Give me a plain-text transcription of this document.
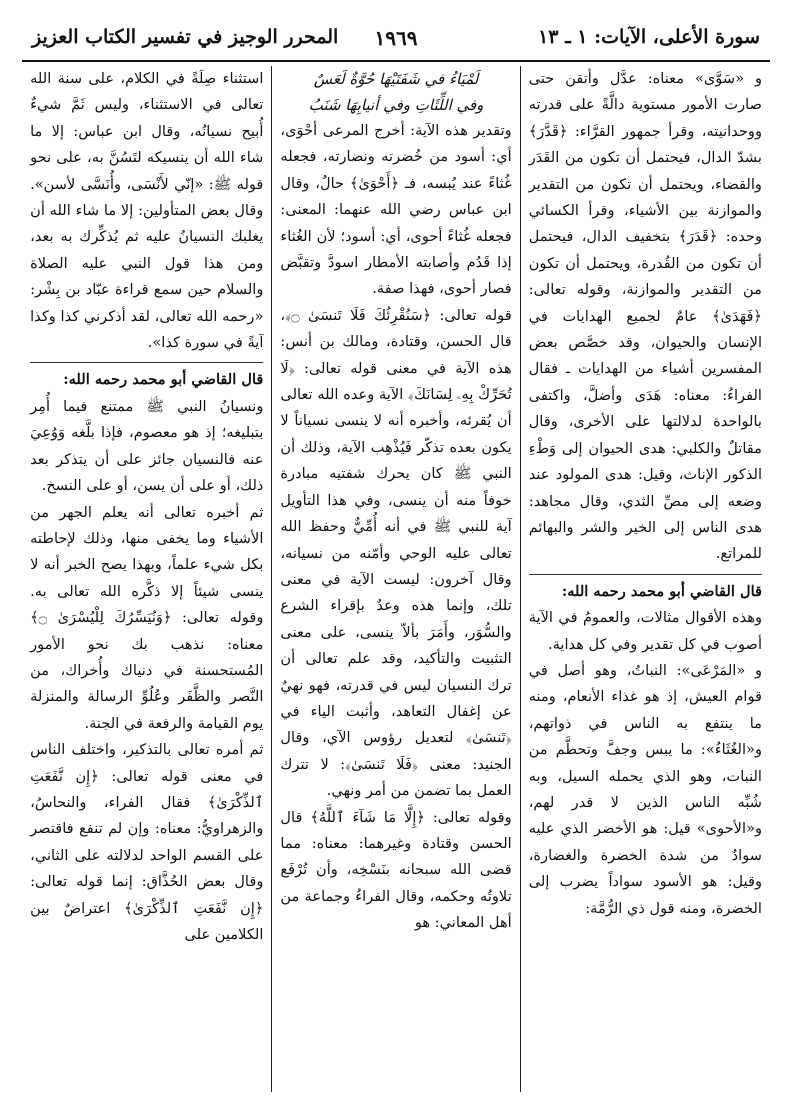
سورة الأعلى، الآيات: ١ ـ ١٣
١٩٦٩
المحرر الوجيز في تفسير الكتاب العزيز

و «سَوَّى» معناه: عدَّل وأتقن حتى صارت الأمور مستوية دالَّةً على قدرته ووحدانيته، وقرأ جمهور القرَّاء: ﴿قَدَّرَ﴾ بشدّ الدال، فيحتمل أن تكون من القَدَر والقضاء، ويحتمل أن تكون من التقدير والموازنة بين الأشياء، وقرأ الكسائي وحده: ﴿قَدَرَ﴾ بتخفيف الدال، فيحتمل أن تكون من القُدرة، ويحتمل أن تكون من التقدير والموازنة، وقوله تعالى: ﴿فَهَدَىٰ﴾ عامٌ لجميع الهدايات في الإنسان والحيوان، وقد خصَّص بعض المفسرين أشياء من الهدايات ـ فقال الفراءُ: معناه: هَدَى وأضلَّ، واكتفى بالواحدة لدلالتها على الأخرى، وقال مقاتلٌ والكلبي: هدى الحيوان إلى وَطْءِ الذكور الإناث، وقيل: هدى المولود عند وضعه إلى مصِّ الثدي، وقال مجاهد: هدى الناس إلى الخير والشر والبهائم للمراتع.

قال القاضي أبو محمد رحمه الله:

وهذه الأقوال مثالات، والعمومُ في الآية أصوب في كل تقدير وفي كل هداية.

و «المَرْعَى»: النباتُ، وهو أصل في قوام العيش، إذ هو غذاء الأنعام، ومنه ما ينتفع به الناس في ذواتهم، و«الغُثَاءُ»: ما يبس وجفَّ وتحطَّم من النبات، وهو الذي يحمله السيل، وبه شُبِّه الناس الذين لا قدر لهم، و«الأحوى» قيل: هو الأخضر الذي عليه سوادٌ من شدة الخضرة والغضارة، وقيل: هو الأسود سواداً يضرب إلى الخضرة، ومنه قول ذي الرُّمَّة:

لَمْيَاءُ في شَفَتَيْهَا حُوَّةٌ لَعَسٌ
وفي اللِّثَاتِ وفي أنيابِهَا شَنَبُ

وتقدير هذه الآية: أخرج المرعى أحْوَى، أي: أسود من خُضرته ونضارته، فجعله غُثاءً عند يُبسه، فـ ﴿أَحْوَىٰ﴾ حالٌ، وقال ابن عباس رضي الله عنهما: المعنى: فجعله غُثاءً أحوى، أي: أسود؛ لأن الغُثاء إذا قَدُم وأصابته الأمطار اسودَّ وتقبَّض فصار أحوى، فهذا صفة.

قوله تعالى: ﴿سَنُقْرِئُكَ فَلَا تَنسَىٰ ۝﴾، قال الحسن، وقتادة، ومالك بن أنس: هذه الآية في معنى قوله تعالى: ﴿لَا تُحَرِّكْ بِهِۦ لِسَانَكَ﴾ الآية وعده الله تعالى أن يُقرئه، وأخبره أنه لا ينسى نسياناً لا يكون بعده تذكّر فَيُذْهِب الآية، وذلك أن النبي ﷺ كان يحرك شفتيه مبادرة خوفاً منه أن ينسى، وفي هذا التأويل آية للنبي ﷺ في أنه أُمِّيٌّ وحفظ الله تعالى عليه الوحي وأمّنه من نسيانه، وقال آخرون: ليست الآية في معنى تلك، وإنما هذه وعدٌ بإقراء الشرع والسُّوَر، وأَمَرَ بألاّ ينسى، على معنى التثبيت والتأكيد، وقد علم تعالى أن ترك النسيان ليس في قدرته، فهو نهيٌ عن إغفال التعاهد، وأثبت الياء في ﴿تَنسَىٰ﴾ لتعديل رؤوس الآي، وقال الجنيد: معنى ﴿فَلَا تَنسَىٰ﴾: لا تترك العمل بما تضمن من أمر ونهي.

وقوله تعالى: ﴿إِلَّا مَا شَآءَ ٱللَّهُ﴾ قال الحسن وقتادة وغيرهما: معناه: مما قضى الله سبحانه بنَسْخِه، وأن تُرْفَع تلاوتُه وحكمه، وقال الفراءُ وجماعة من أهل المعاني: هو

استثناء صِلَةً في الكلام، على سنة الله تعالى في الاستثناء، وليس ثَمَّ شيءٌ أُبيح نسيانُه، وقال ابن عباس: إلا ما شاء الله أن ينسيكه لتَسُنَّ به، على نحو قوله ﷺ: «إنّي لأَنْسَى، وأُنَسَّى لأسن». وقال بعض المتأولين: إلا ما شاء الله أن يغلبك النسيانُ عليه ثم يُذكِّرك به بعد، ومن هذا قول النبي عليه الصلاة والسلام حين سمع قراءة عبّاد بن بِشْر: «رحمه الله تعالى، لقد أذكرني كذا وكذا آيةً في سورة كذا».

قال القاضي أبو محمد رحمه الله:

ونسيانُ النبي ﷺ ممتنع فيما أُمِر بتبليغه؛ إذ هو معصوم، فإذا بلَّغه وَوُعِيَ عنه فالنسيان جائز على أن يتذكر بعد ذلك، أو على أن يسن، أو على النسخ.

ثم أخبره تعالى أنه يعلم الجهر من الأشياء وما يخفى منها، وذلك لإحاطته بكل شيء علماً، وبهذا يصح الخبر أنه لا ينسى شيئاً إلا ذكَّره الله تعالى به. وقوله تعالى: ﴿وَنُيَسِّرُكَ لِلْيُسْرَىٰ ۝﴾ معناه: نذهب بك نحو الأمور المُستحسنة في دنياك وأُخراك، من النَّصر والظَّفَر وعُلُوِّ الرسالة والمنزلة يوم القيامة والرفعة في الجنة.

ثم أمره تعالى بالتذكير، واختلف الناس في معنى قوله تعالى: ﴿إِن نَّفَعَتِ ٱلذِّكْرَىٰ﴾ فقال الفراء، والنحاسُ، والزهراويُّ: معناه: وإن لم تنفع فاقتصر على القسم الواحد لدلالته على الثاني، وقال بعض الحُذَّاق: إنما قوله تعالى: ﴿إِن نَّفَعَتِ ٱلذِّكْرَىٰ﴾ اعتراضٌ بين الكلامين على
